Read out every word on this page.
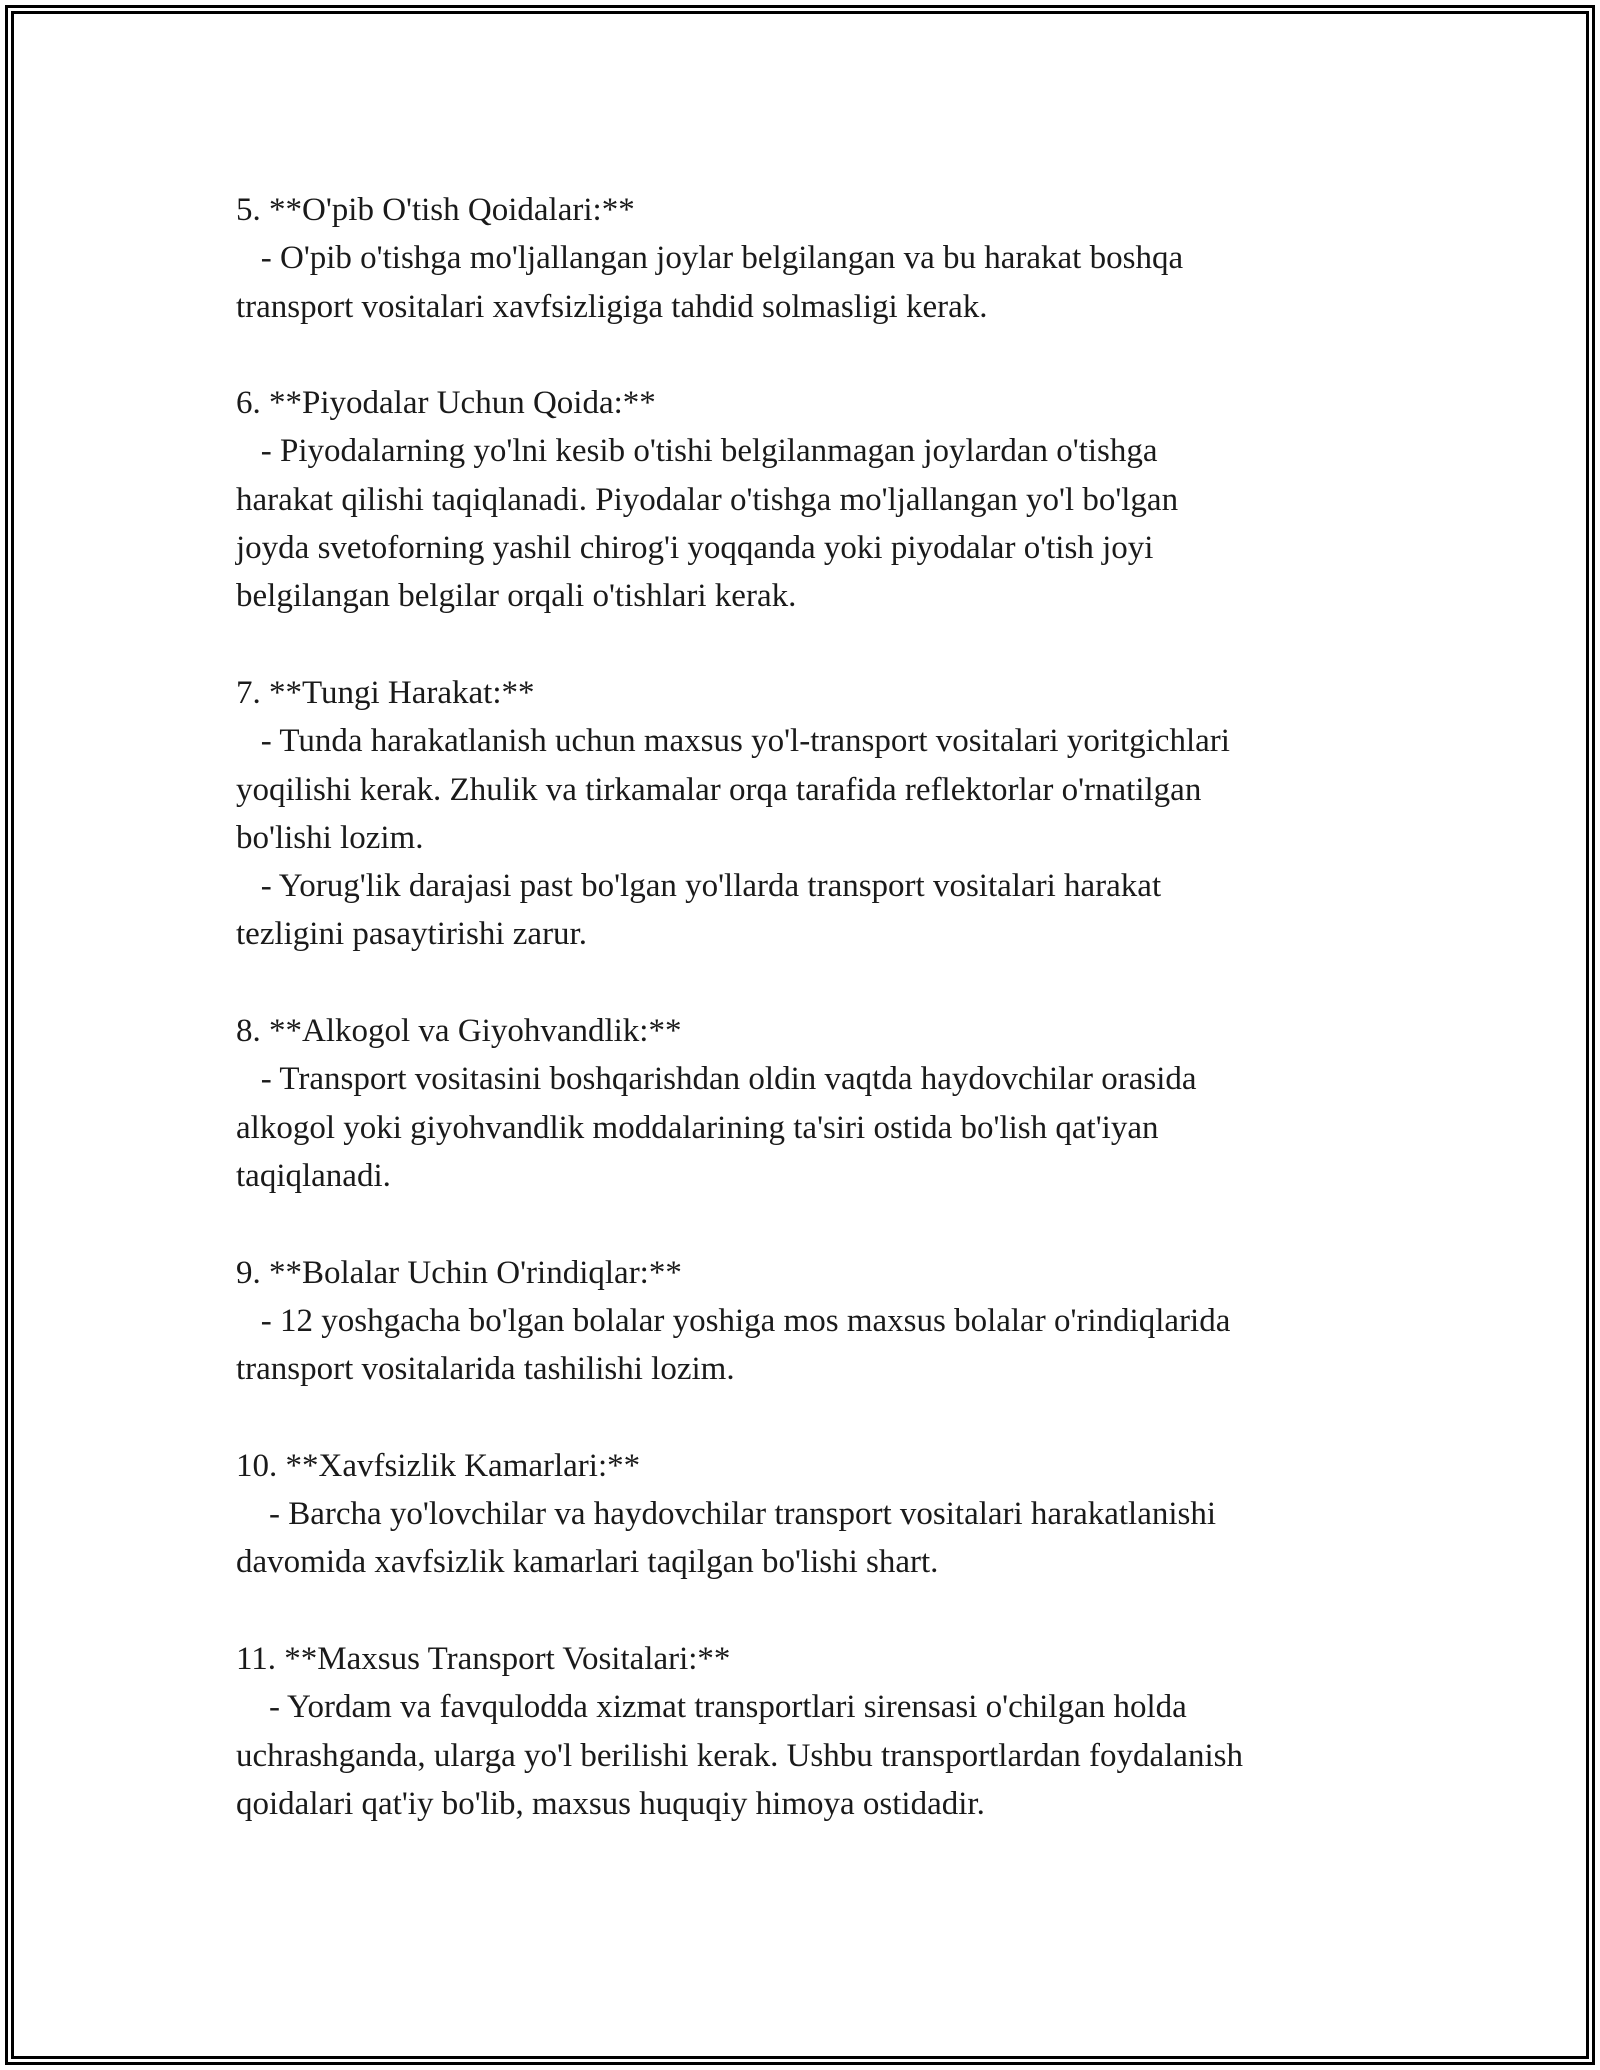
5. **O'pib O'tish Qoidalari:**

- O'pib o'tishga mo'ljallangan joylar belgilangan va bu harakat boshqa

transport vositalari xavfsizligiga tahdid solmasligi kerak.

6. **Piyodalar Uchun Qoida:**

- Piyodalarning yo'lni kesib o'tishi belgilanmagan joylardan o'tishga

harakat qilishi taqiqlanadi. Piyodalar o'tishga mo'ljallangan yo'l bo'lgan

joyda svetoforning yashil chirog'i yoqqanda yoki piyodalar o'tish joyi

belgilangan belgilar orqali o'tishlari kerak.

7. **Tungi Harakat:**

- Tunda harakatlanish uchun maxsus yo'l-transport vositalari yoritgichlari

yoqilishi kerak. Zhulik va tirkamalar orqa tarafida reflektorlar o'rnatilgan

bo'lishi lozim.

- Yorug'lik darajasi past bo'lgan yo'llarda transport vositalari harakat

tezligini pasaytirishi zarur.

8. **Alkogol va Giyohvandlik:**

- Transport vositasini boshqarishdan oldin vaqtda haydovchilar orasida

alkogol yoki giyohvandlik moddalarining ta'siri ostida bo'lish qat'iyan

taqiqlanadi.

9. **Bolalar Uchin O'rindiqlar:**

- 12 yoshgacha bo'lgan bolalar yoshiga mos maxsus bolalar o'rindiqlarida

transport vositalarida tashilishi lozim.

10. **Xavfsizlik Kamarlari:**

- Barcha yo'lovchilar va haydovchilar transport vositalari harakatlanishi

davomida xavfsizlik kamarlari taqilgan bo'lishi shart.

11. **Maxsus Transport Vositalari:**

- Yordam va favqulodda xizmat transportlari sirensasi o'chilgan holda

uchrashganda, ularga yo'l berilishi kerak. Ushbu transportlardan foydalanish

qoidalari qat'iy bo'lib, maxsus huquqiy himoya ostidadir.
